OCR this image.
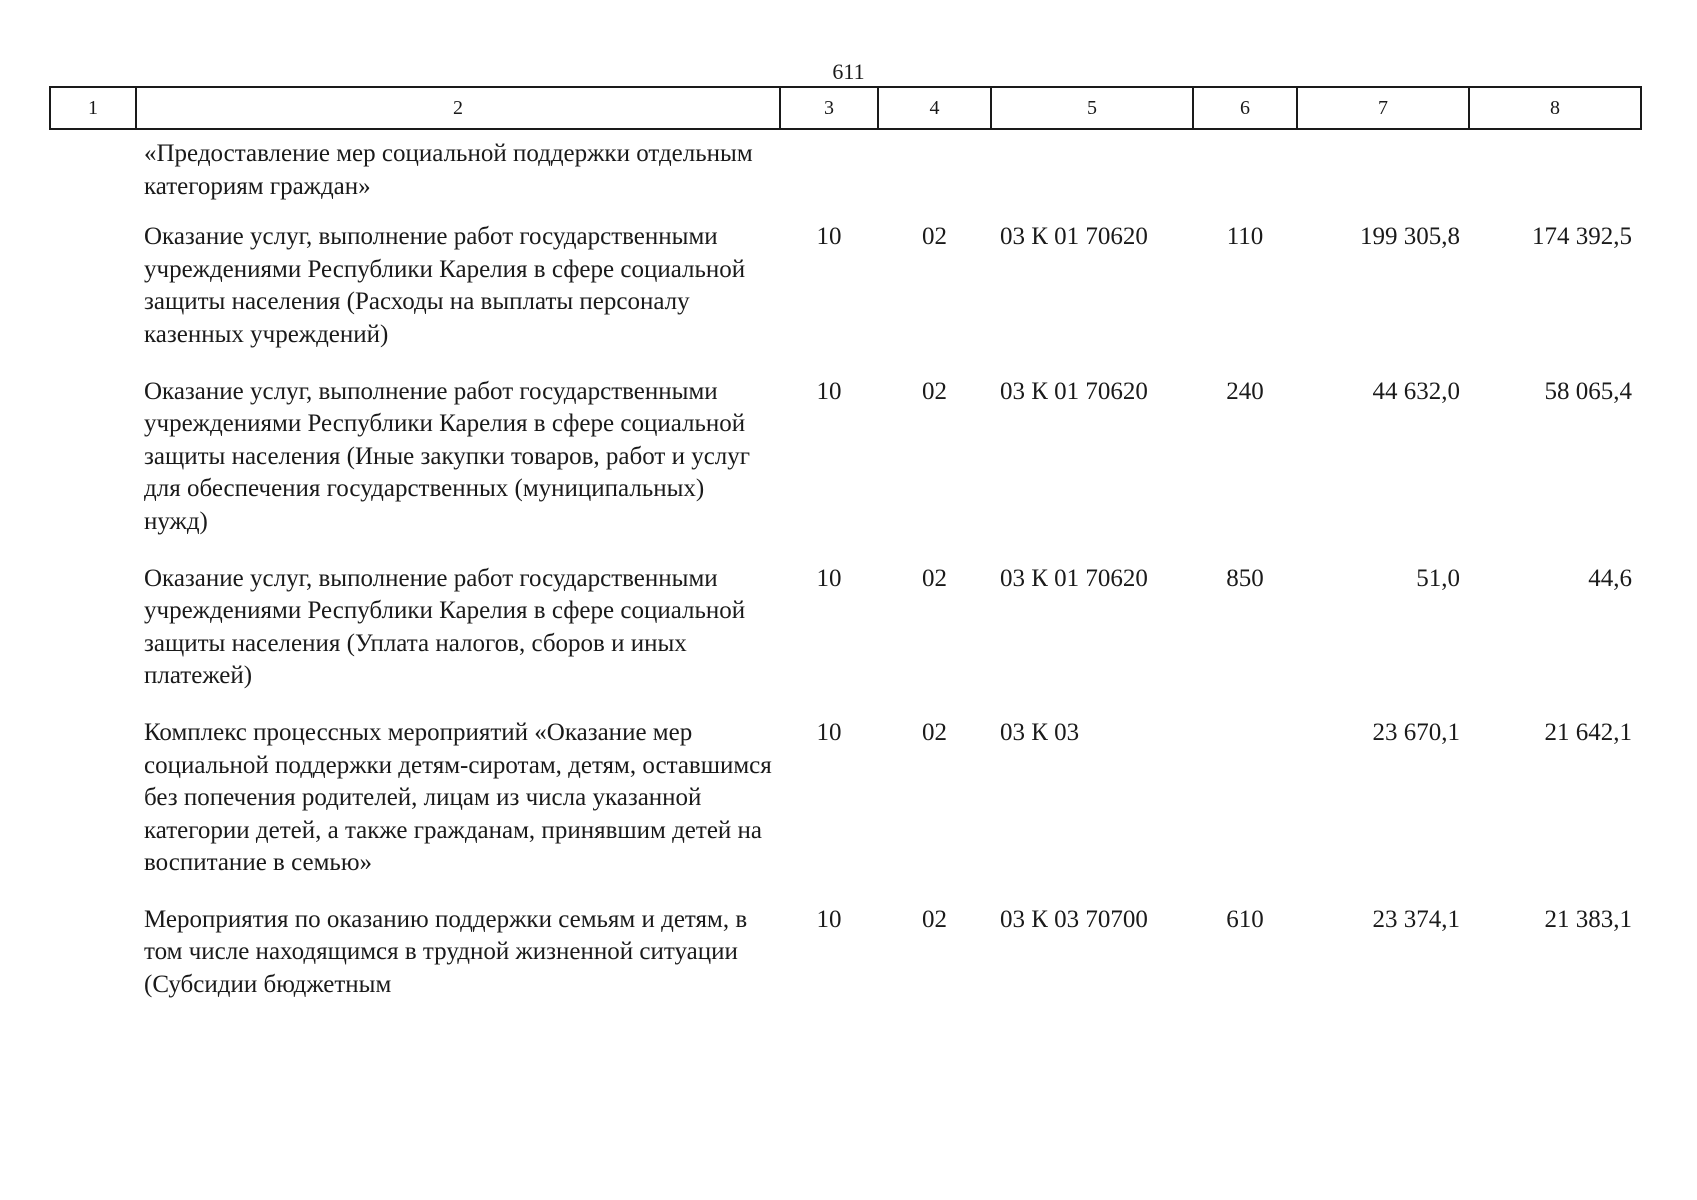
611
1	2	3	4	5	6	7	8
«Предоставление мер социальной поддержки отдельным категориям граждан»							
Оказание услуг, выполнение работ государственными учреждениями Республики Карелия в сфере социальной защиты населения (Расходы на выплаты персоналу казенных учреждений)		10	02	03 К 01 70620	110	199 305,8	174 392,5
Оказание услуг, выполнение работ государственными учреждениями Республики Карелия в сфере социальной защиты населения (Иные закупки товаров, работ и услуг для обеспечения государственных (муниципальных) нужд)		10	02	03 К 01 70620	240	44 632,0	58 065,4
Оказание услуг, выполнение работ государственными учреждениями Республики Карелия в сфере социальной защиты населения (Уплата налогов, сборов и иных платежей)		10	02	03 К 01 70620	850	51,0	44,6
Комплекс процессных мероприятий «Оказание мер социальной поддержки детям-сиротам, детям, оставшимся без попечения родителей, лицам из числа указанной категории детей, а также гражданам, принявшим детей на воспитание в семью»		10	02	03 К 03		23 670,1	21 642,1
Мероприятия по оказанию поддержки семьям и детям, в том числе находящимся в трудной жизненной ситуации (Субсидии бюджетным		10	02	03 К 03 70700	610	23 374,1	21 383,1
